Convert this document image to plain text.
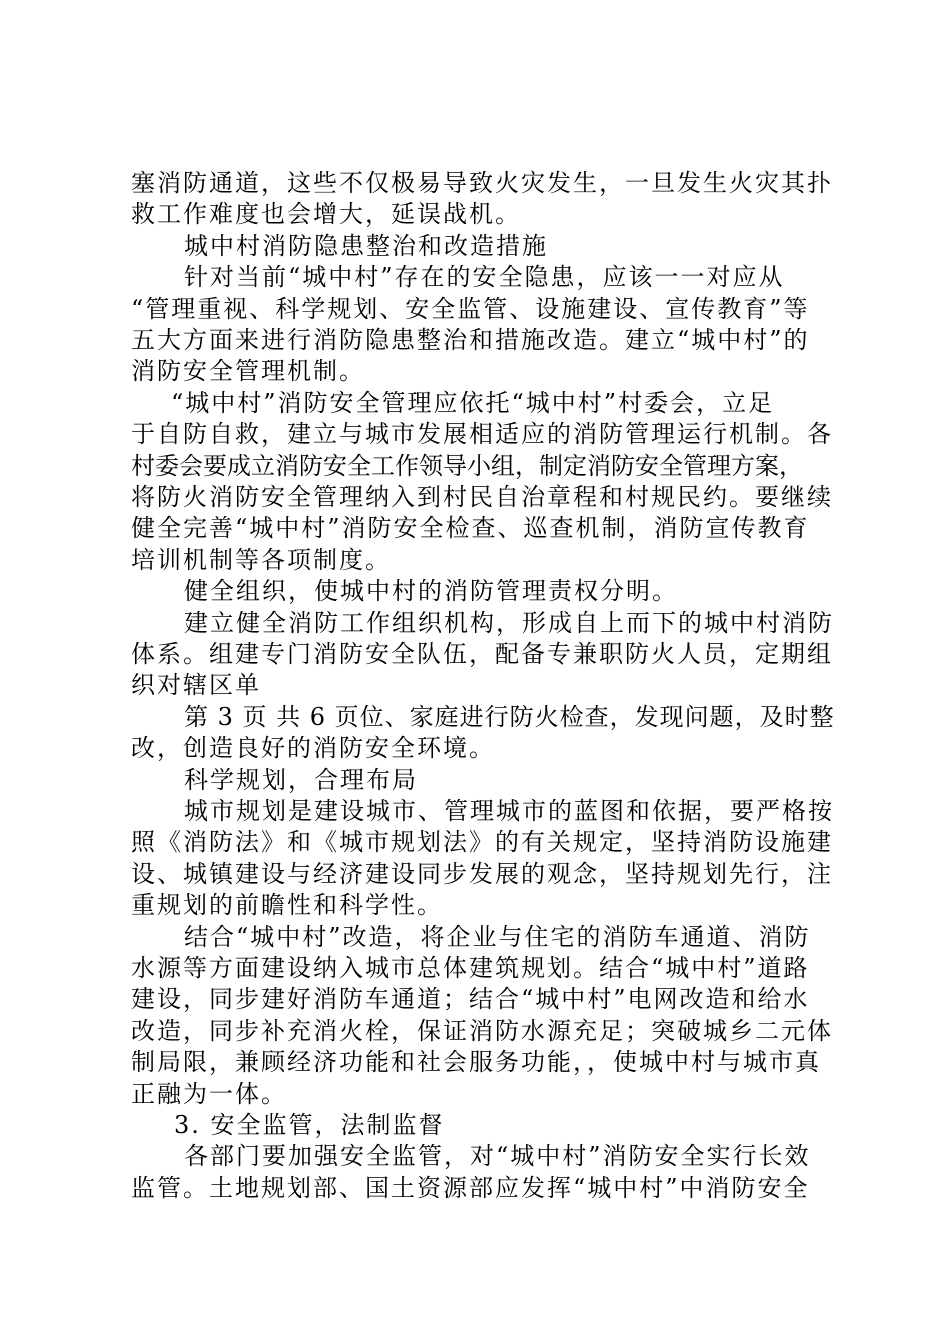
塞消防通道，这些不仅极易导致火灾发生，一旦发生火灾其扑
救工作难度也会增大，延误战机。
城中村消防隐患整治和改造措施
针对当前“城中村”存在的安全隐患，应该一一对应从
“管理重视、科学规划、安全监管、设施建设、宣传教育”等
五大方面来进行消防隐患整治和措施改造。建立“城中村”的
消防安全管理机制。
“城中村”消防安全管理应依托“城中村”村委会，立足
于自防自救，建立与城市发展相适应的消防管理运行机制。各
村委会要成立消防安全工作领导小组，制定消防安全管理方案，
将防火消防安全管理纳入到村民自治章程和村规民约。要继续
健全完善“城中村”消防安全检查、巡查机制，消防宣传教育
培训机制等各项制度。
健全组织，使城中村的消防管理责权分明。
建立健全消防工作组织机构，形成自上而下的城中村消防
体系。组建专门消防安全队伍，配备专兼职防火人员，定期组
织对辖区单
第 3 页 共 6 页位、家庭进行防火检查，发现问题，及时整
改，创造良好的消防安全环境。
科学规划，合理布局
城市规划是建设城市、管理城市的蓝图和依据，要严格按
照《消防法》和《城市规划法》的有关规定，坚持消防设施建
设、城镇建设与经济建设同步发展的观念，坚持规划先行，注
重规划的前瞻性和科学性。
结合“城中村”改造，将企业与住宅的消防车通道、消防
水源等方面建设纳入城市总体建筑规划。结合“城中村”道路
建设，同步建好消防车通道；结合“城中村”电网改造和给水
改造，同步补充消火栓，保证消防水源充足；突破城乡二元体
制局限，兼顾经济功能和社会服务功能，，使城中村与城市真
正融为一体。
3. 安全监管，法制监督
各部门要加强安全监管，对“城中村”消防安全实行长效
监管。土地规划部、国土资源部应发挥“城中村”中消防安全
